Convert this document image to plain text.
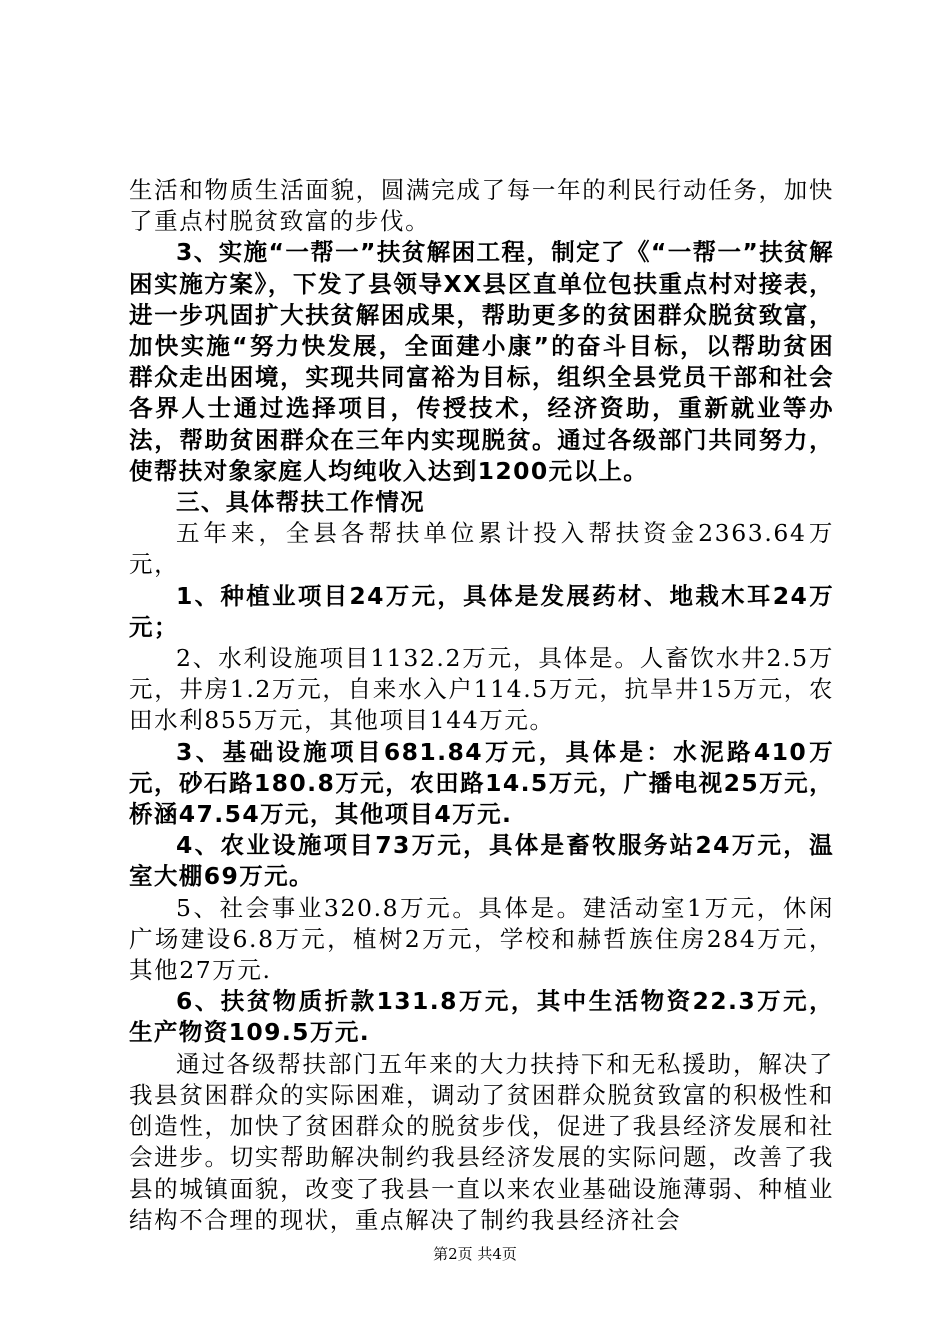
生活和物质生活面貌，圆满完成了每一年的利民行动任务，加快了重点村脱贫致富的步伐。

3、实施“一帮一”扶贫解困工程，制定了《“一帮一”扶贫解困实施方案》，下发了县领导XX县区直单位包扶重点村对接表，进一步巩固扩大扶贫解困成果，帮助更多的贫困群众脱贫致富，加快实施“努力快发展，全面建小康”的奋斗目标，以帮助贫困群众走出困境，实现共同富裕为目标，组织全县党员干部和社会各界人士通过选择项目，传授技术，经济资助，重新就业等办法，帮助贫困群众在三年内实现脱贫。通过各级部门共同努力，使帮扶对象家庭人均纯收入达到1200元以上。

三、具体帮扶工作情况

五年来，全县各帮扶单位累计投入帮扶资金2363.64万元，

1、种植业项目24万元，具体是发展药材、地栽木耳24万元；

2、水利设施项目1132.2万元，具体是。人畜饮水井2.5万元，井房1.2万元，自来水入户114.5万元，抗旱井15万元，农田水利855万元，其他项目144万元。

3、基础设施项目681.84万元，具体是：水泥路410万元，砂石路180.8万元，农田路14.5万元，广播电视25万元，桥涵47.54万元，其他项目4万元.

4、农业设施项目73万元，具体是畜牧服务站24万元，温室大棚69万元。

5、社会事业320.8万元。具体是。建活动室1万元，休闲广场建设6.8万元，植树2万元，学校和赫哲族住房284万元，其他27万元.

6、扶贫物质折款131.8万元，其中生活物资22.3万元，生产物资109.5万元.

通过各级帮扶部门五年来的大力扶持下和无私援助，解决了我县贫困群众的实际困难，调动了贫困群众脱贫致富的积极性和创造性，加快了贫困群众的脱贫步伐，促进了我县经济发展和社会进步。切实帮助解决制约我县经济发展的实际问题，改善了我县的城镇面貌，改变了我县一直以来农业基础设施薄弱、种植业结构不合理的现状，重点解决了制约我县经济社会

第2页 共4页
